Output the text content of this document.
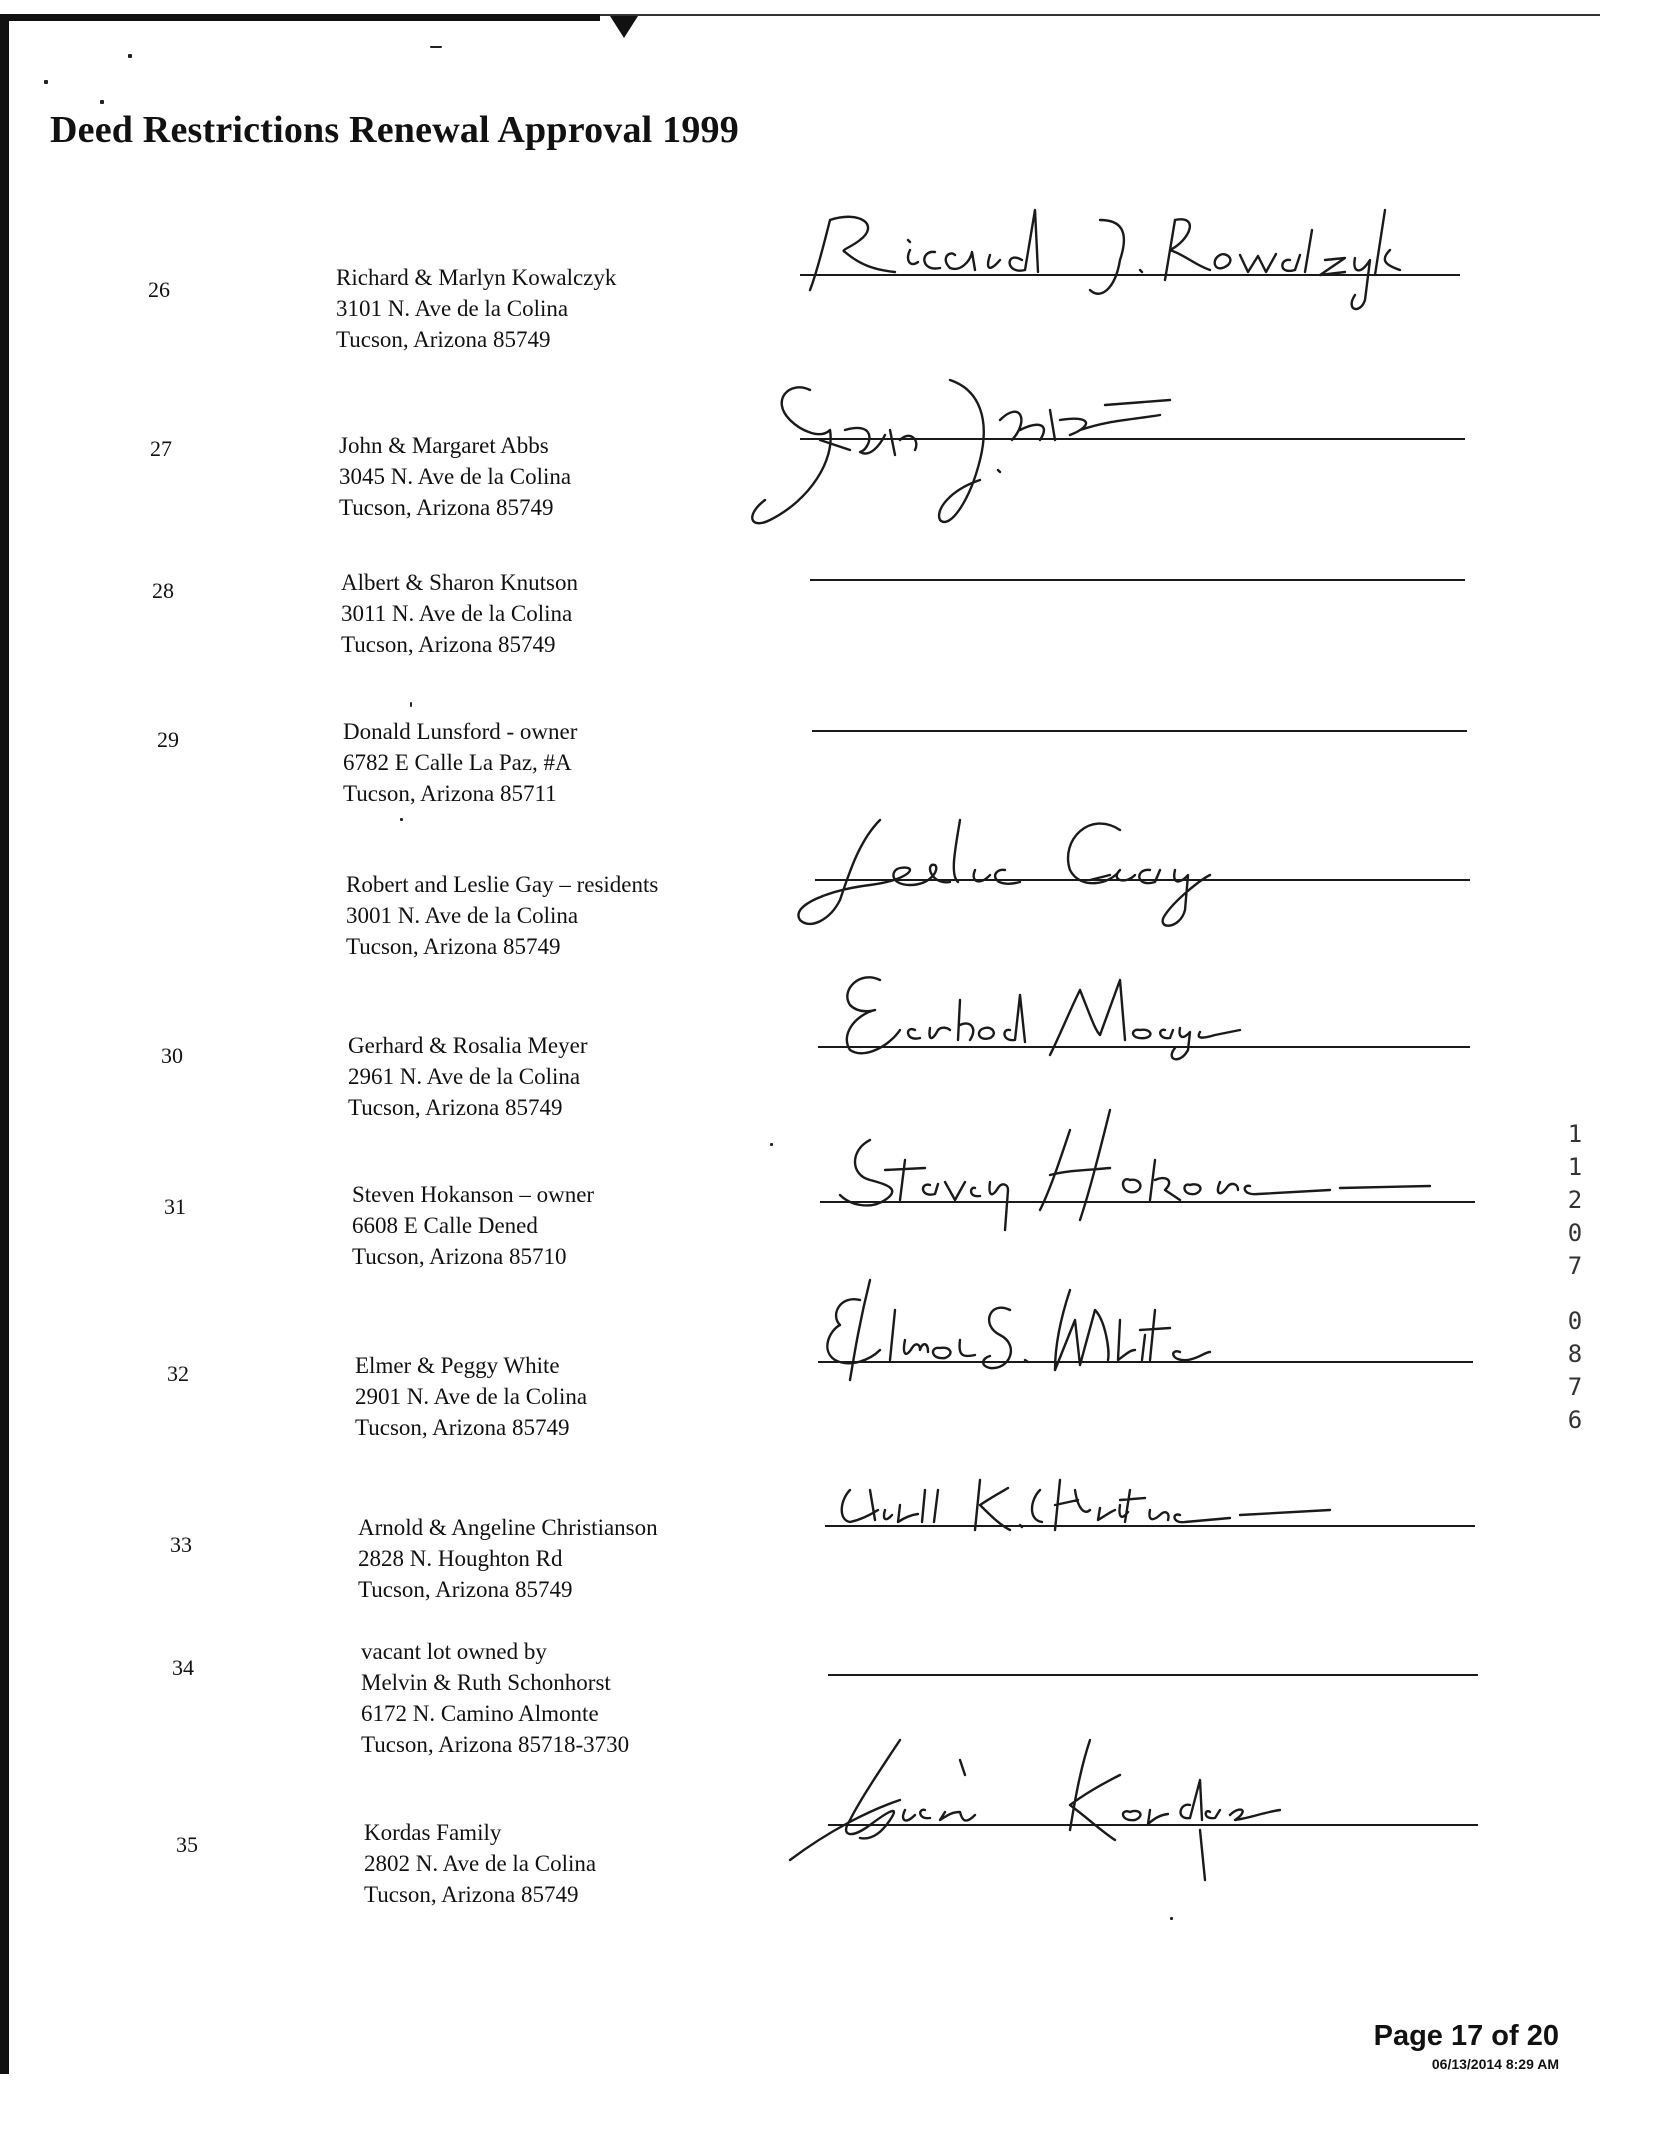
Deed Restrictions Renewal Approval 1999
26	Richard & Marlyn Kowalczyk
3101 N. Ave de la Colina
Tucson, Arizona 85749
27	John & Margaret Abbs
3045 N. Ave de la Colina
Tucson, Arizona 85749
28	Albert & Sharon Knutson
3011 N. Ave de la Colina
Tucson, Arizona 85749
29	Donald Lunsford - owner
6782 E Calle La Paz, #A
Tucson, Arizona 85711
Robert and Leslie Gay – residents
3001 N. Ave de la Colina
Tucson, Arizona 85749
30	Gerhard & Rosalia Meyer
2961 N. Ave de la Colina
Tucson, Arizona 85749
31	Steven Hokanson – owner
6608 E Calle Dened
Tucson, Arizona 85710
32	Elmer & Peggy White
2901 N. Ave de la Colina
Tucson, Arizona 85749
33
Arnold & Angeline Christianson
2828 N. Houghton Rd
Tucson, Arizona 85749
34
vacant lot owned by
Melvin & Ruth Schonhorst
6172 N. Camino Almonte
Tucson, Arizona 85718-3730
35	Kordas Family
2802 N. Ave de la Colina
Tucson, Arizona 85749
1
1
2
0
7
0
8
7
6
Page 17 of 20
06/13/2014 8:29 AM
